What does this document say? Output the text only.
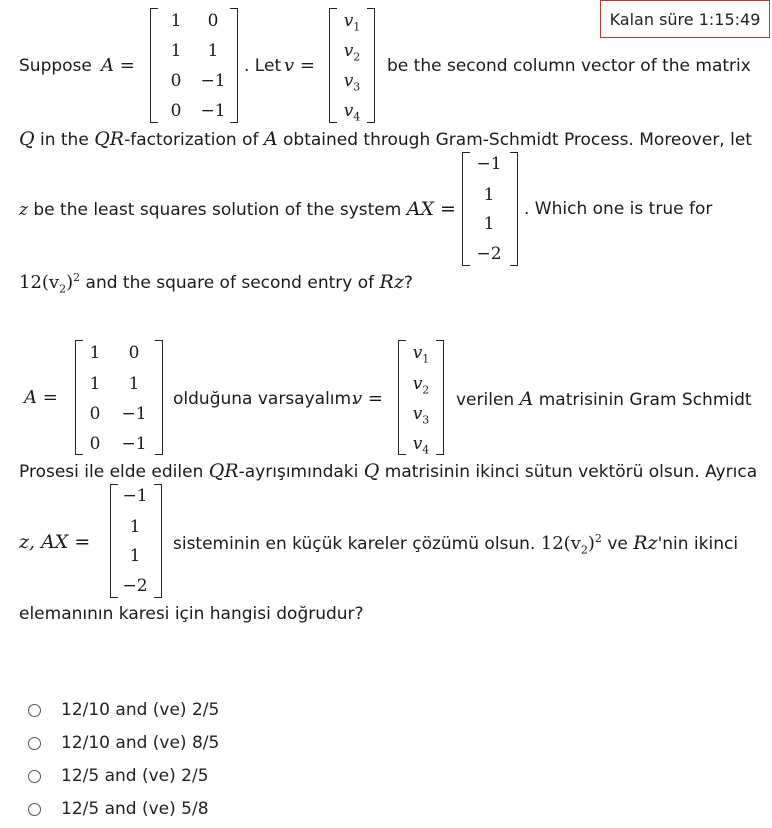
Kalan süre
1:15:49
Suppose A =
1	0
1	1
0	−1
0	−1
. Let v =
$v_1$
$v_2$
$v_3$
$v_4$
be the second column vector of the matrix
Q in the QR-factorization of A obtained through Gram-Schmidt Process. Moreover, let
z be the least squares solution of the system AX =
−1
1
1
−2
. Which one is true for
$12(v_2)^2$ and the square of second entry of Rz?
A =
1	0
1	1
0	−1
0	−1
olduğuna varsayalım.
v =
$v_1$
$v_2$
$v_3$
$v_4$
verilen A matrisinin Gram Schmidt
Prosesi ile elde edilen QR-ayrışımındaki Q matrisinin ikinci sütun vektörü olsun. Ayrıca
z, AX =
−1
1
1
−2
sisteminin en küçük kareler çözümü olsun. $12(v_2)^2$ ve Rz'nin ikinci
elemanının karesi için hangisi doğrudur?
12/10 and (ve) 2/5
12/10 and (ve) 8/5
12/5 and (ve) 2/5
12/5 and (ve) 5/8
